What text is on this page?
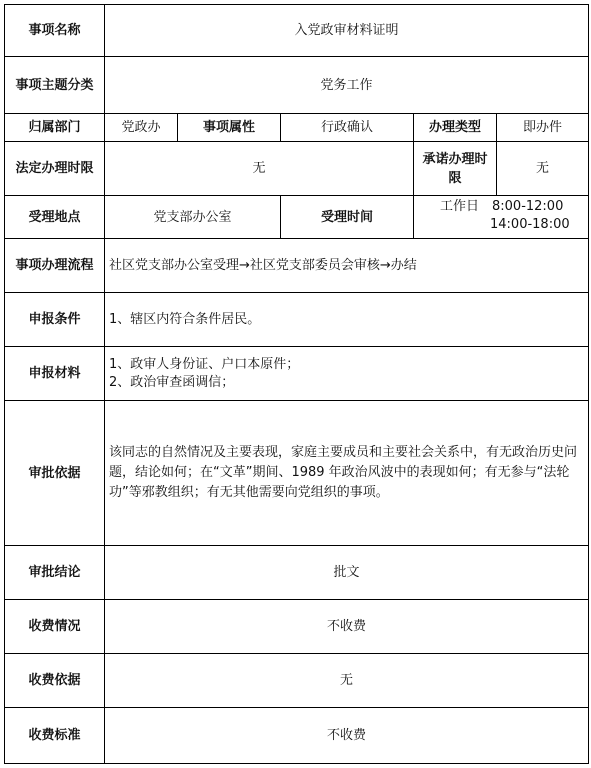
事项名称	入党政审材料证明				
事项主题分类	党务工作				
归属部门	党政办	事项属性	行政确认	办理类型	即办件
法定办理时限	无			承诺办理时限	无
受理地点	党支部办公室		受理时间	工作日　8:00-12:00
14:00-18:00	

事项办理流程	社区党支部办公室受理→社区党支部委员会审核→办结				
申报条件	1、辖区内符合条件居民。				
申报材料	1、政审人身份证、户口本原件；
2、政治审查函调信；				

审批依据	该同志的自然情况及主要表现，家庭主要成员和主要社会关系中，有无政治历史问题，结论如何；在“文革”期间、1989 年政治风波中的表现如何；有无参与“法轮功”等邪教组织；有无其他需要向党组织的事项。				
审批结论	批文				
收费情况	不收费				
收费依据	无				
收费标准	不收费				
